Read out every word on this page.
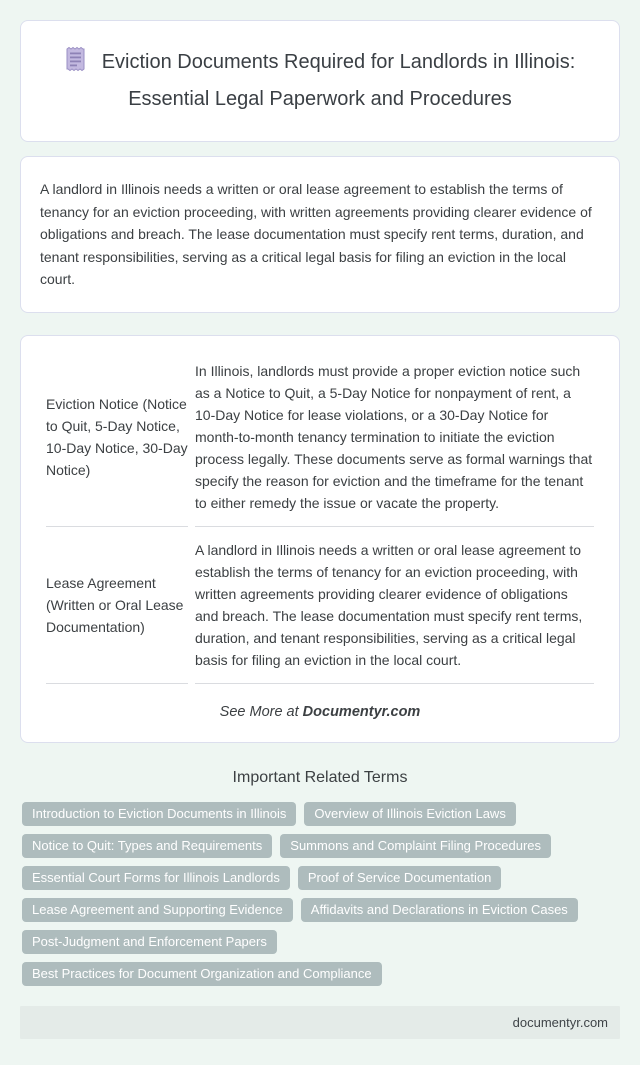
Eviction Documents Required for Landlords in Illinois: Essential Legal Paperwork and Procedures

A landlord in Illinois needs a written or oral lease agreement to establish the terms of tenancy for an eviction proceeding, with written agreements providing clearer evidence of obligations and breach. The lease documentation must specify rent terms, duration, and tenant responsibilities, serving as a critical legal basis for filing an eviction in the local court.

Eviction Notice (Notice to Quit, 5-Day Notice, 10-Day Notice, 30-Day Notice)	In Illinois, landlords must provide a proper eviction notice such as a Notice to Quit, a 5-Day Notice for nonpayment of rent, a 10-Day Notice for lease violations, or a 30-Day Notice for month-to-month tenancy termination to initiate the eviction process legally. These documents serve as formal warnings that specify the reason for eviction and the timeframe for the tenant to either remedy the issue or vacate the property.
Lease Agreement (Written or Oral Lease Documentation)	A landlord in Illinois needs a written or oral lease agreement to establish the terms of tenancy for an eviction proceeding, with written agreements providing clearer evidence of obligations and breach. The lease documentation must specify rent terms, duration, and tenant responsibilities, serving as a critical legal basis for filing an eviction in the local court.

See More at Documentyr.com

Important Related Terms
Introduction to Eviction Documents in Illinois	Overview of Illinois Eviction Laws
Notice to Quit: Types and Requirements	Summons and Complaint Filing Procedures
Essential Court Forms for Illinois Landlords	Proof of Service Documentation
Lease Agreement and Supporting Evidence	Affidavits and Declarations in Eviction Cases
Post-Judgment and Enforcement Papers
Best Practices for Document Organization and Compliance
documentyr.com
